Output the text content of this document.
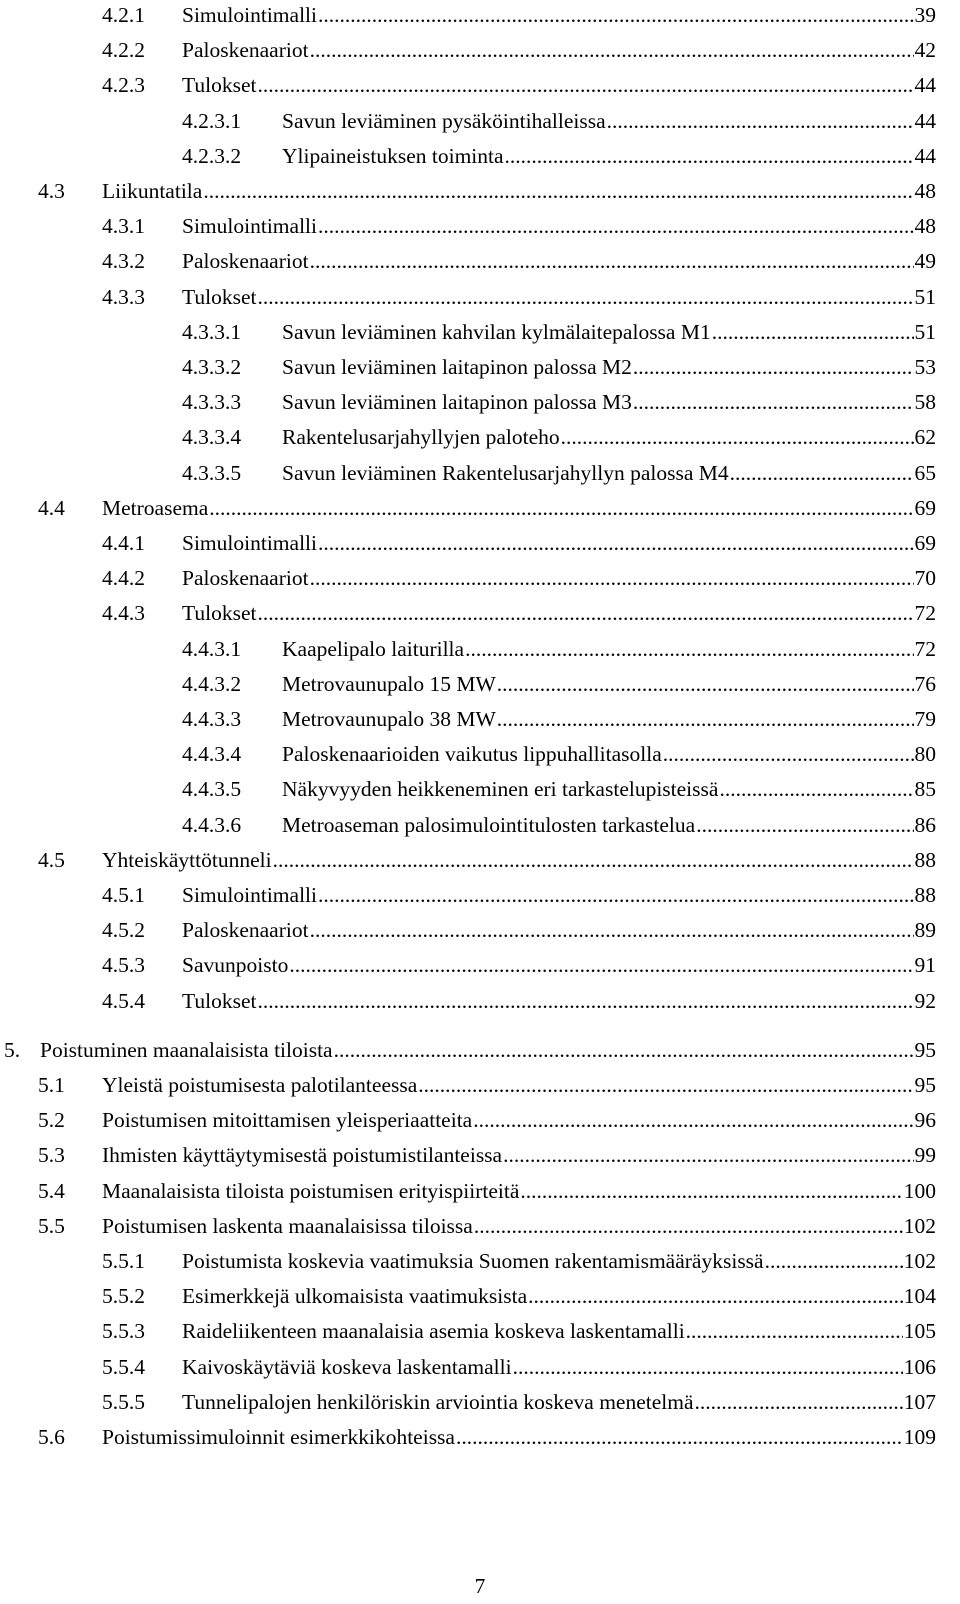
4.2.1	Simulointimalli .....	39
4.2.2	Paloskenaariot .....	42
4.2.3	Tulokset .....	44
4.2.3.1	Savun leviäminen pysäköintihalleissa .....	44
4.2.3.2	Ylipaineistuksen toiminta .....	44
4.3	Liikuntatila .....	48
4.3.1	Simulointimalli .....	48
4.3.2	Paloskenaariot .....	49
4.3.3	Tulokset .....	51
4.3.3.1	Savun leviäminen kahvilan kylmälaitepalossa M1 .....	51
4.3.3.2	Savun leviäminen laitapinon palossa M2 .....	53
4.3.3.3	Savun leviäminen laitapinon palossa M3 .....	58
4.3.3.4	Rakentelusarjahyllyjen paloteho .....	62
4.3.3.5	Savun leviäminen Rakentelusarjahyllyn palossa M4 .....	65
4.4	Metroasema .....	69
4.4.1	Simulointimalli .....	69
4.4.2	Paloskenaariot .....	70
4.4.3	Tulokset .....	72
4.4.3.1	Kaapelipalo laiturilla .....	72
4.4.3.2	Metrovaunupalo 15 MW .....	76
4.4.3.3	Metrovaunupalo 38 MW .....	79
4.4.3.4	Paloskenaarioiden vaikutus lippuhallitasolla .....	80
4.4.3.5	Näkyvyyden heikkeneminen eri tarkastelupisteissä .....	85
4.4.3.6	Metroaseman palosimulointitulosten tarkastelua .....	86
4.5	Yhteiskäyttötunneli .....	88
4.5.1	Simulointimalli .....	88
4.5.2	Paloskenaariot .....	89
4.5.3	Savunpoisto .....	91
4.5.4	Tulokset .....	92
5. Poistuminen maanalaisista tiloista .....	95
5.1	Yleistä poistumisesta palotilanteessa .....	95
5.2	Poistumisen mitoittamisen yleisperiaatteita .....	96
5.3	Ihmisten käyttäytymisestä poistumistilanteissa .....	99
5.4	Maanalaisista tiloista poistumisen erityispiirteitä .....	100
5.5	Poistumisen laskenta maanalaisissa tiloissa .....	102
5.5.1	Poistumista koskevia vaatimuksia Suomen rakentamismääräyksissä .....	102
5.5.2	Esimerkkejä ulkomaisista vaatimuksista .....	104
5.5.3	Raideliikenteen maanalaisia asemia koskeva laskentamalli .....	105
5.5.4	Kaivoskäytäviä koskeva laskentamalli .....	106
5.5.5	Tunnelipalojen henkilöriskin arviointia koskeva menetelmä .....	107
5.6	Poistumissimuloinnit esimerkkikohteissa .....	109
7
